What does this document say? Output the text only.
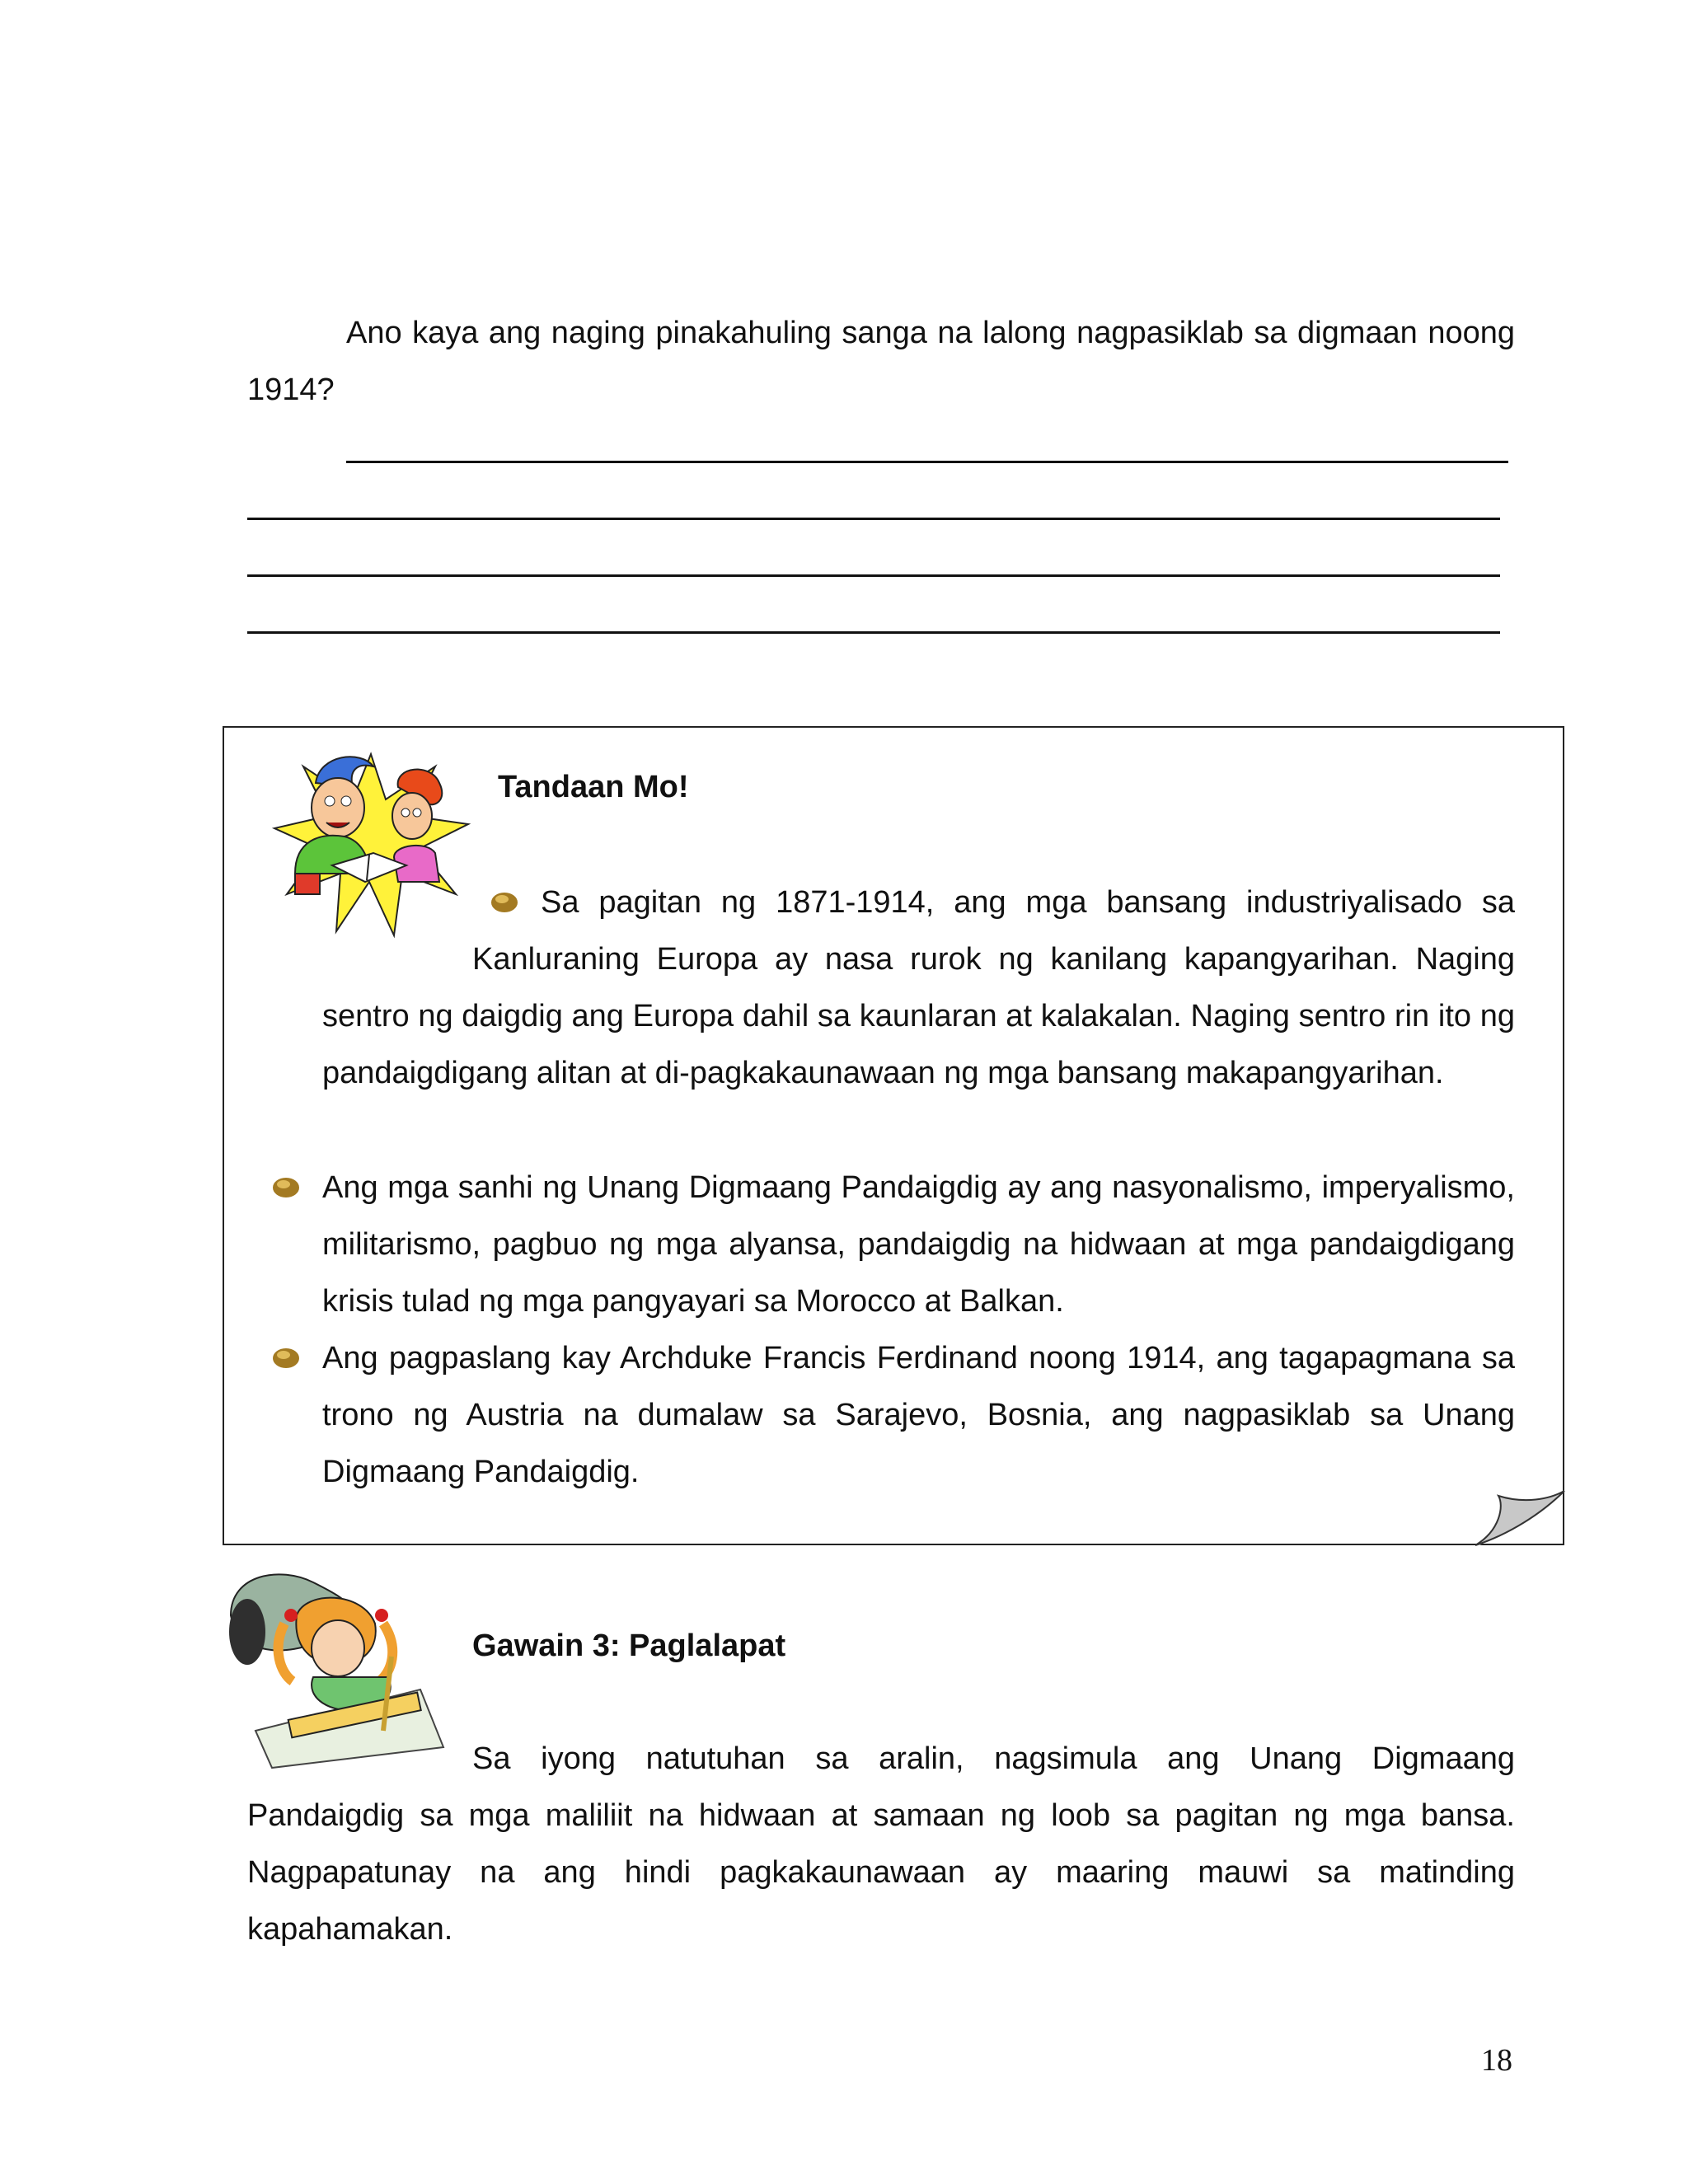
Ano kaya ang naging pinakahuling sanga na lalong nagpasiklab sa digmaan noong 1914?

Tandaan Mo!
Sa pagitan ng 1871-1914, ang mga bansang industriyalisado sa

Kanluraning Europa ay nasa rurok ng kanilang kapangyarihan. Naging sentro ng daigdig ang Europa dahil sa kaunlaran at kalakalan. Naging sentro rin ito ng pandaigdigang alitan at di-pagkakaunawaan ng mga bansang makapangyarihan.

Ang mga sanhi ng Unang Digmaang Pandaigdig ay ang nasyonalismo, imperyalismo, militarismo, pagbuo ng mga alyansa, pandaigdig na hidwaan at mga pandaigdigang krisis tulad ng mga pangyayari sa Morocco at Balkan.

Ang pagpaslang kay Archduke Francis Ferdinand noong 1914, ang tagapagmana sa trono ng Austria na dumalaw sa Sarajevo, Bosnia, ang nagpasiklab sa Unang Digmaang Pandaigdig.

Gawain 3: Paglalapat
Sa iyong natutuhan sa aralin, nagsimula ang Unang Digmaang

Pandaigdig sa mga maliliit na hidwaan at samaan ng loob sa pagitan ng mga bansa. Nagpapatunay na ang hindi pagkakaunawaan ay maaring mauwi sa matinding kapahamakan.

18
